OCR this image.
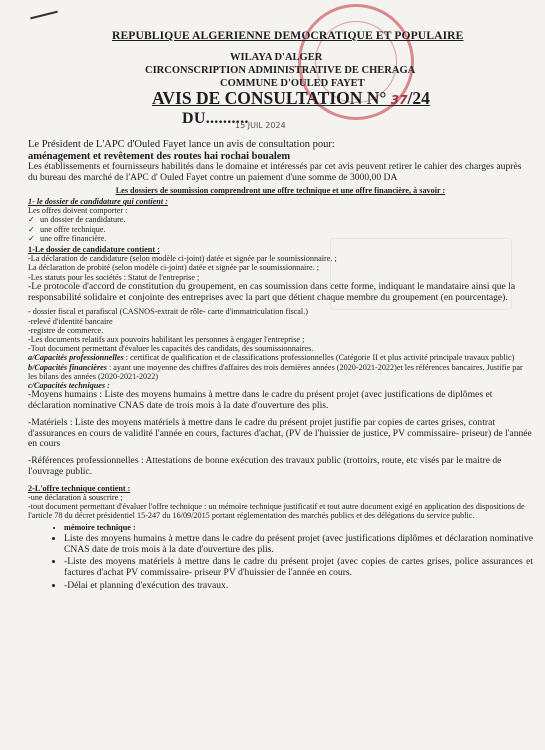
REPUBLIQUE ALGERIENNE DEMOCRATIQUE ET POPULAIRE
WILAYA D'ALGER
CIRCONSCRIPTION ADMINISTRATIVE DE CHERAGA
COMMUNE D'OULED FAYET
AVIS DE CONSULTATION N° 37/24
DU..........
15 JUIL 2024

Le Président de L'APC d'Ouled Fayet lance un avis de consultation pour:

aménagement et revêtement des routes hai rochai boualem

Les établissements et fournisseurs habilités dans le domaine et intéressés par cet avis peuvent retirer le cahier des charges auprès du bureau des marché de l'APC d' Ouled Fayet contre un paiement d'une somme de 3000,00 DA

Les dossiers de soumission comprendront une offre technique et une offre financière, à savoir :

1- le dossier de candidature qui contient :

Les offres doivent comporter :

✓ un dossier de candidature.

✓ une offre technique.

✓ une offre financière.

1-Le dossier de candidature contient :

-La déclaration de candidature (selon modèle ci-joint) datée et signée par le soumissionnaire. ;

La déclaration de probité (selon modèle ci-joint) datée et signée par le soumissionnaire. ;

-Les statuts pour les sociétés : Statut de l'entreprise ;

-Le protocole d'accord de constitution du groupement, en cas soumission dans cette forme, indiquant le mandataire ainsi que la responsabilité solidaire et conjointe des entreprises avec la part que détient chaque membre du groupement (en pourcentage).

- dossier fiscal et parafiscal (CASNOS-extrait de rôle- carte d'immatriculation fiscal.)

-relevé d'identité bancaire

-registre de commerce.

-Les documents relatifs aux pouvoirs habilitant les personnes à engager l'entreprise ;

-Tout document permettant d'évaluer les capacités des candidats, des soumissionnaires.

a/Capacités professionnelles : certificat de qualification et de classifications professionnelles (Catégorie II et plus activité principale travaux public)

b/Capacités financières : ayant une moyenne des chiffres d'affaires des trois dernières années (2020-2021-2022)et les références bancaires. Justifie par les bilans des années (2020-2021-2022)

c/Capacités techniques :

-Moyens humains : Liste des moyens humains à mettre dans le cadre du présent projet (avec justifications de diplômes et déclaration nominative CNAS date de trois mois à la date d'ouverture des plis.

-Matériels : Liste des moyens matériels à mettre dans le cadre du présent projet justifie par copies de cartes grises, contrat d'assurances en cours de validité l'année en cours, factures d'achat, (PV de l'huissier de justice, PV commissaire- priseur) de l'année en cours

-Références professionnelles : Attestations de bonne exécution des travaux public (trottoirs, route, etc visés par le maitre de l'ouvrage public.

2-L'offre technique contient :

-une déclaration à souscrire ;

-tout document permettant d'évaluer l'offre technique : un mémoire technique justificatif et tout autre document exigé en application des dispositions de l'article 78 du décret présidentiel 15-247 du 16/09/2015 portant réglementation des marchés publics et des délégations du service public.

• mémoire technique :
• Liste des moyens humains à mettre dans le cadre du présent projet (avec justifications diplômes et déclaration nominative CNAS date de trois mois à la date d'ouverture des plis.
• -Liste des moyens matériels à mettre dans le cadre du présent projet (avec copies de cartes grises, police assurances et factures d'achat PV commissaire- priseur PV d'huissier de l'année en cours.
• -Délai et planning d'exécution des travaux.
